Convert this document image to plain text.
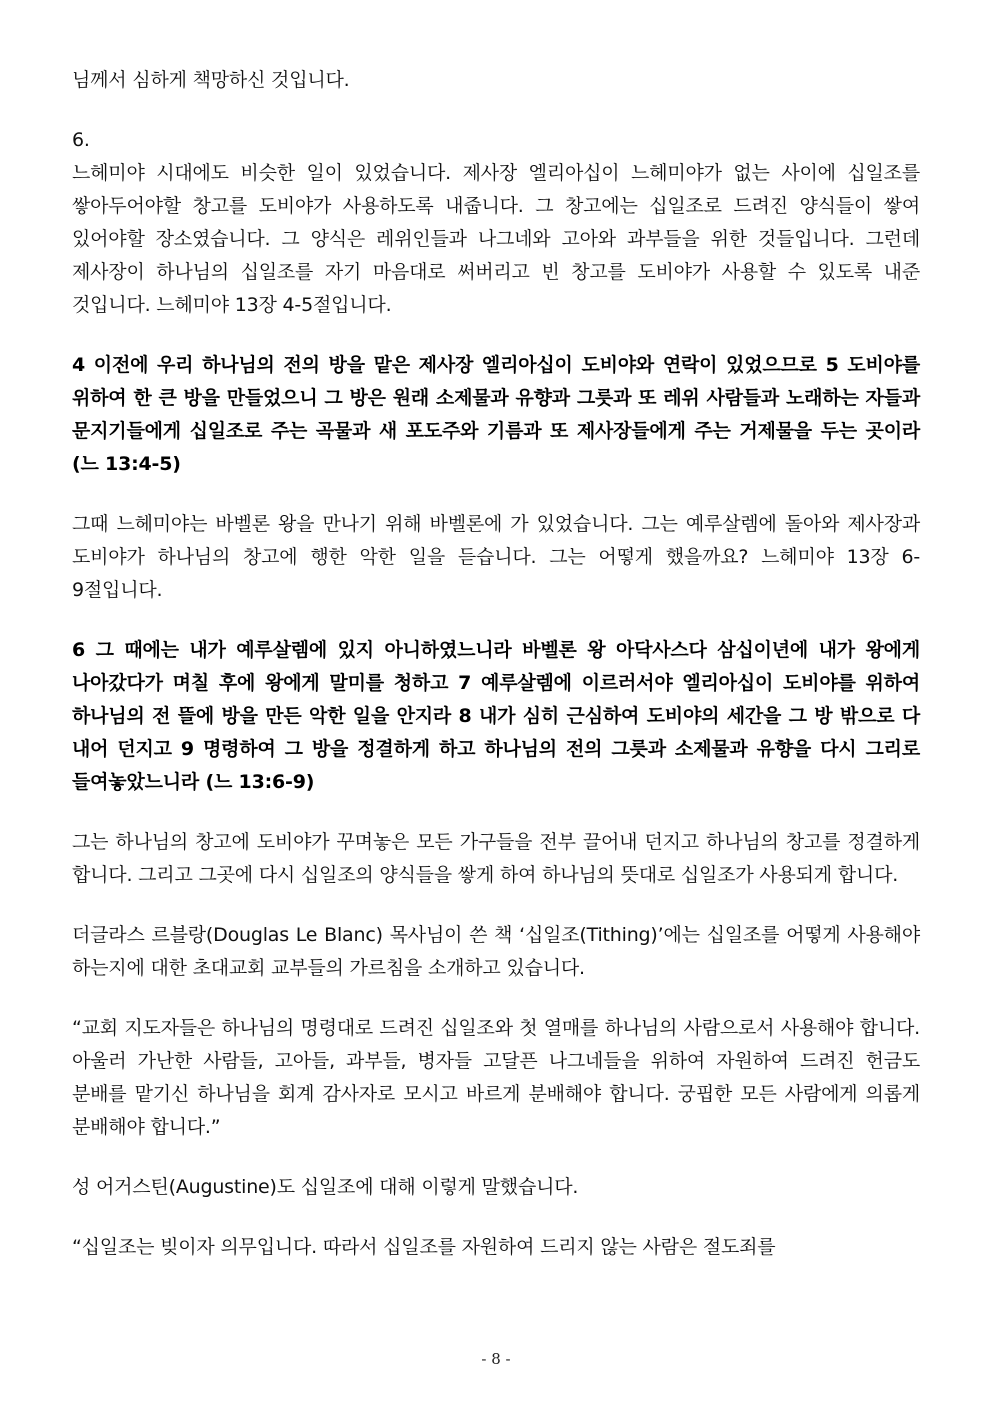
님께서 심하게 책망하신 것입니다.

6.

느헤미야 시대에도 비슷한 일이 있었습니다. 제사장 엘리아십이 느헤미야가 없는 사이에 십일조를 쌓아두어야할 창고를 도비야가 사용하도록 내줍니다. 그 창고에는 십일조로 드려진 양식들이 쌓여 있어야할 장소였습니다. 그 양식은 레위인들과 나그네와 고아와 과부들을 위한 것들입니다. 그런데 제사장이 하나님의 십일조를 자기 마음대로 써버리고 빈 창고를 도비야가 사용할 수 있도록 내준 것입니다. 느헤미야 13장 4-5절입니다.

4 이전에 우리 하나님의 전의 방을 맡은 제사장 엘리아십이 도비야와 연락이 있었으므로 5 도비야를 위하여 한 큰 방을 만들었으니 그 방은 원래 소제물과 유향과 그릇과 또 레위 사람들과 노래하는 자들과 문지기들에게 십일조로 주는 곡물과 새 포도주와 기름과 또 제사장들에게 주는 거제물을 두는 곳이라 (느 13:4-5)

그때 느헤미야는 바벨론 왕을 만나기 위해 바벨론에 가 있었습니다. 그는 예루살렘에 돌아와 제사장과 도비야가 하나님의 창고에 행한 악한 일을 듣습니다. 그는 어떻게 했을까요? 느헤미야 13장 6-9절입니다.

6 그 때에는 내가 예루살렘에 있지 아니하였느니라 바벨론 왕 아닥사스다 삼십이년에 내가 왕에게 나아갔다가 며칠 후에 왕에게 말미를 청하고 7 예루살렘에 이르러서야 엘리아십이 도비야를 위하여 하나님의 전 뜰에 방을 만든 악한 일을 안지라 8 내가 심히 근심하여 도비야의 세간을 그 방 밖으로 다 내어 던지고 9 명령하여 그 방을 정결하게 하고 하나님의 전의 그릇과 소제물과 유향을 다시 그리로 들여놓았느니라 (느 13:6-9)

그는 하나님의 창고에 도비야가 꾸며놓은 모든 가구들을 전부 끌어내 던지고 하나님의 창고를 정결하게 합니다. 그리고 그곳에 다시 십일조의 양식들을 쌓게 하여 하나님의 뜻대로 십일조가 사용되게 합니다.

더글라스 르블랑(Douglas Le Blanc) 목사님이 쓴 책 ‘십일조(Tithing)’에는 십일조를 어떻게 사용해야 하는지에 대한 초대교회 교부들의 가르침을 소개하고 있습니다.

“교회 지도자들은 하나님의 명령대로 드려진 십일조와 첫 열매를 하나님의 사람으로서 사용해야 합니다. 아울러 가난한 사람들, 고아들, 과부들, 병자들 고달픈 나그네들을 위하여 자원하여 드려진 헌금도 분배를 맡기신 하나님을 회계 감사자로 모시고 바르게 분배해야 합니다. 궁핍한 모든 사람에게 의롭게 분배해야 합니다.”

성 어거스틴(Augustine)도 십일조에 대해 이렇게 말했습니다.

“십일조는 빚이자 의무입니다. 따라서 십일조를 자원하여 드리지 않는 사람은 절도죄를

- 8 -
